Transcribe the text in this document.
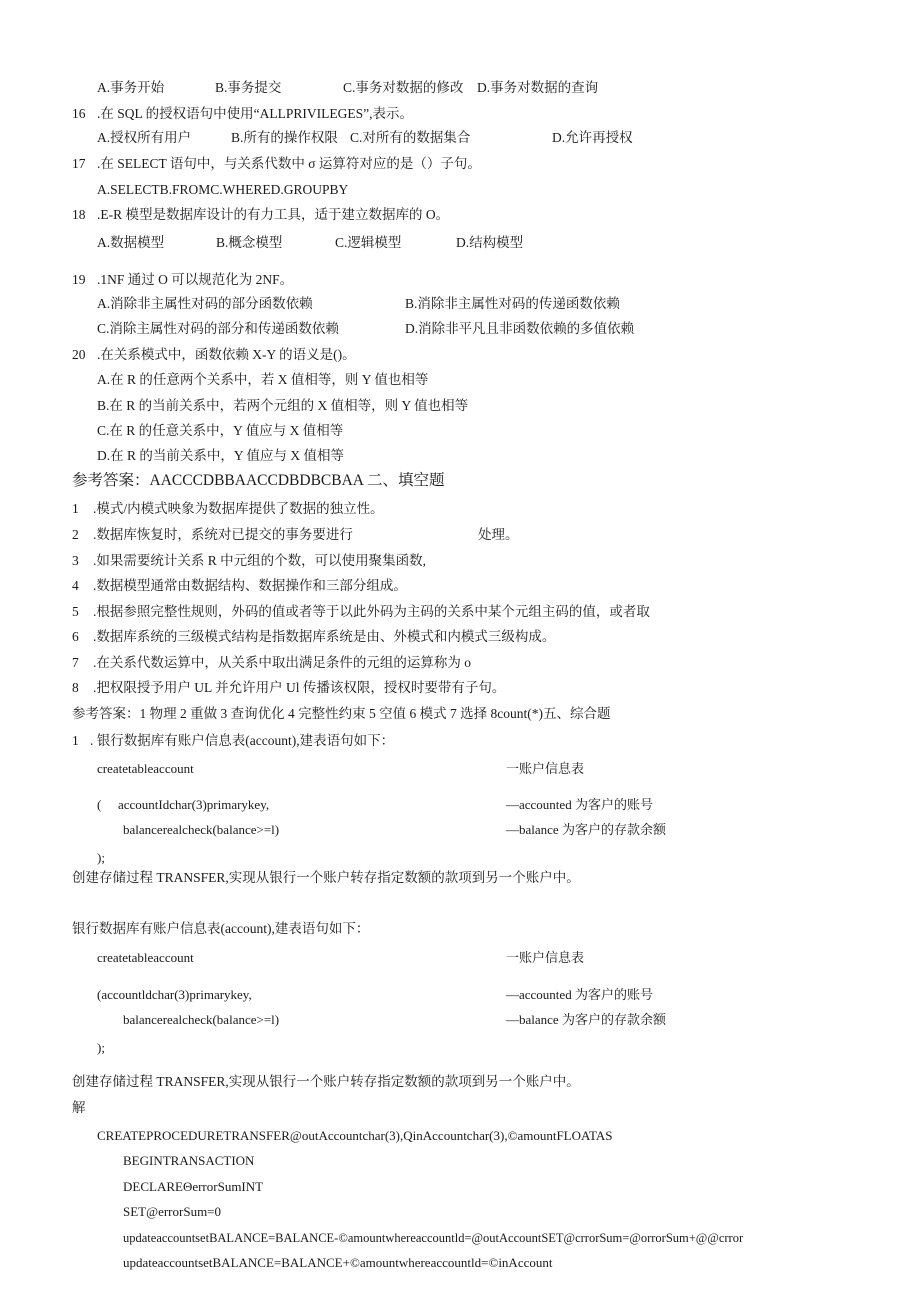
A.事务开始	B.事务提交	C.事务对数据的修改 D.事务对数据的查询
16 .在 SQL 的授权语句中使用“ALLPRIVILEGES”,表示。
A.授权所有用户	B.所有的操作权限 C.对所有的数据集合	D.允许再授权
17 .在 SELECT 语句中，与关系代数中 σ 运算符对应的是（）子句。
A.SELECTB.FROMC.WHERED.GROUPBY
18 .E-R 模型是数据库设计的有力工具，适于建立数据库的 O。
A.数据模型	B.概念模型	C.逻辑模型	D.结构模型
19 .1NF 通过 O 可以规范化为 2NF。
A.消除非主属性对码的部分函数依赖	B.消除非主属性对码的传递函数依赖
C.消除主属性对码的部分和传递函数依赖	D.消除非平凡且非函数依赖的多值依赖
20 .在关系模式中，函数依赖 X-Y 的语义是()。
A.在 R 的任意两个关系中，若 X 值相等，则 Y 值也相等
B.在 R 的当前关系中，若两个元组的 X 值相等，则 Y 值也相等
C.在 R 的任意关系中，Y 值应与 X 值相等
D.在 R 的当前关系中，Y 值应与 X 值相等
参考答案：AACCCDBBAACCDBDBCBAA 二、填空题
1 .模式/内模式映象为数据库提供了数据的独立性。
2 .数据库恢复时，系统对已提交的事务要进行	处理。
3 .如果需要统计关系 R 中元组的个数，可以使用聚集函数,
4 .数据模型通常由数据结构、数据操作和三部分组成。
5 .根据参照完整性规则，外码的值或者等于以此外码为主码的关系中某个元组主码的值，或者取
6 .数据库系统的三级模式结构是指数据库系统是由、外模式和内模式三级构成。
7 .在关系代数运算中，从关系中取出满足条件的元组的运算称为 o
8 .把权限授予用户 UL 并允许用户 Ul 传播该权限，授权时要带有子句。
参考答案：1 物理 2 重做 3 查询优化 4 完整性约束 5 空值 6 模式 7 选择 8count(*)五、综合题
1 . 银行数据库有账户信息表(account),建表语句如下：
createtableaccount	一账户信息表
( accountIdchar(3)primarykey,	—accounted 为客户的账号
balancerealcheck(balance>=l)	—balance 为客户的存款余额
);
创建存储过程 TRANSFER,实现从银行一个账户转存指定数额的款项到另一个账户中。
银行数据库有账户信息表(account),建表语句如下：
createtableaccount	一账户信息表
(accountldchar(3)primarykey,	—accounted 为客户的账号
balancerealcheck(balance>=l)	—balance 为客户的存款余额
);
创建存储过程 TRANSFER,实现从银行一个账户转存指定数额的款项到另一个账户中。
解
CREATEPROCEDURETRANSFER@outAccountchar(3),QinAccountchar(3),©amountFLOATAS
BEGINTRANSACTION
DECLAREΘerrorSumINT
SET@errorSum=0
updateaccountsetBALANCE=BALANCE-©amountwhereaccountld=@outAccountSET@crrorSum=@orrorSum+@@crror
updateaccountsetBALANCE=BALANCE+©amountwhereaccountld=©inAccount
